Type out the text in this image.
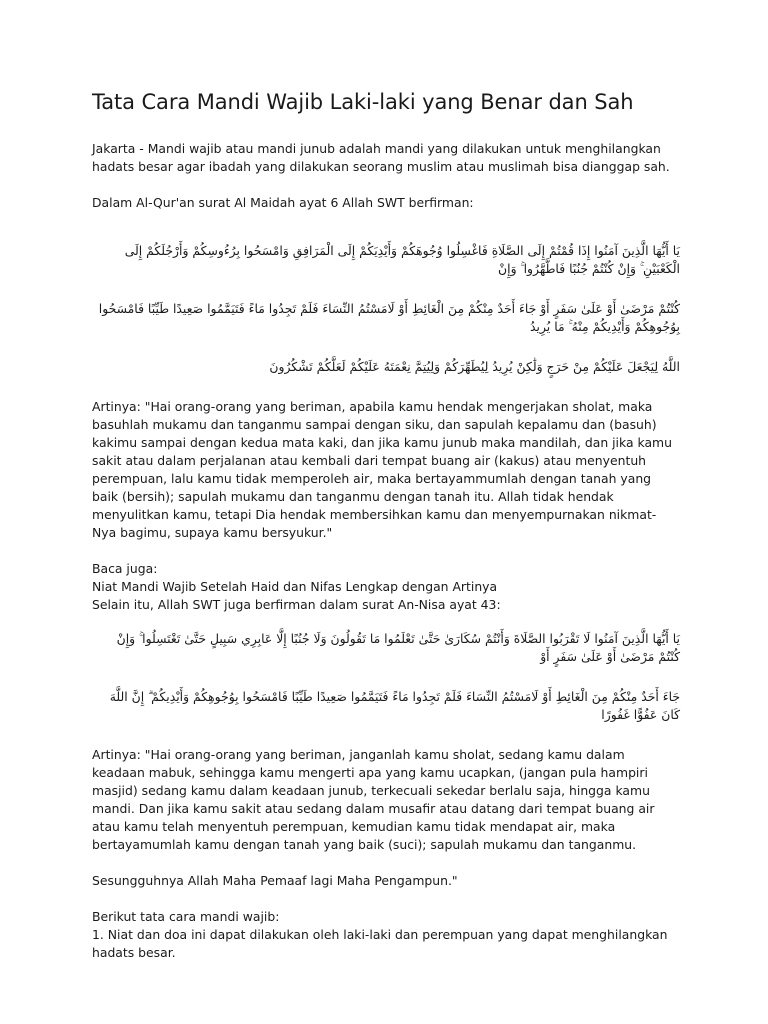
Tata Cara Mandi Wajib Laki-laki yang Benar dan Sah

Jakarta - Mandi wajib atau mandi junub adalah mandi yang dilakukan untuk menghilangkan hadats besar agar ibadah yang dilakukan seorang muslim atau muslimah bisa dianggap sah.

Dalam Al-Qur'an surat Al Maidah ayat 6 Allah SWT berfirman:

يَا أَيُّهَا الَّذِينَ آمَنُوا إِذَا قُمْتُمْ إِلَى الصَّلَاةِ فَاغْسِلُوا وُجُوهَكُمْ وَأَيْدِيَكُمْ إِلَى الْمَرَافِقِ وَامْسَحُوا بِرُءُوسِكُمْ وَأَرْجُلَكُمْ إِلَى الْكَعْبَيْنِ ۚ وَإِنْ كُنْتُمْ جُنُبًا فَاطَّهَّرُوا ۚ وَإِنْ

كُنْتُمْ مَرْضَىٰ أَوْ عَلَىٰ سَفَرٍ أَوْ جَاءَ أَحَدٌ مِنْكُمْ مِنَ الْغَائِطِ أَوْ لَامَسْتُمُ النِّسَاءَ فَلَمْ تَجِدُوا مَاءً فَتَيَمَّمُوا صَعِيدًا طَيِّبًا فَامْسَحُوا بِوُجُوهِكُمْ وَأَيْدِيكُمْ مِنْهُ ۚ مَا يُرِيدُ

اللَّهُ لِيَجْعَلَ عَلَيْكُمْ مِنْ حَرَجٍ وَلَٰكِنْ يُرِيدُ لِيُطَهِّرَكُمْ وَلِيُتِمَّ نِعْمَتَهُ عَلَيْكُمْ لَعَلَّكُمْ تَشْكُرُونَ

Artinya: "Hai orang-orang yang beriman, apabila kamu hendak mengerjakan sholat, maka basuhlah mukamu dan tanganmu sampai dengan siku, dan sapulah kepalamu dan (basuh) kakimu sampai dengan kedua mata kaki, dan jika kamu junub maka mandilah, dan jika kamu sakit atau dalam perjalanan atau kembali dari tempat buang air (kakus) atau menyentuh perempuan, lalu kamu tidak memperoleh air, maka bertayammumlah dengan tanah yang baik (bersih); sapulah mukamu dan tanganmu dengan tanah itu. Allah tidak hendak menyulitkan kamu, tetapi Dia hendak membersihkan kamu dan menyempurnakan nikmat-Nya bagimu, supaya kamu bersyukur."

Baca juga:

Niat Mandi Wajib Setelah Haid dan Nifas Lengkap dengan Artinya

Selain itu, Allah SWT juga berfirman dalam surat An-Nisa ayat 43:

يَا أَيُّهَا الَّذِينَ آمَنُوا لَا تَقْرَبُوا الصَّلَاةَ وَأَنْتُمْ سُكَارَىٰ حَتَّىٰ تَعْلَمُوا مَا تَقُولُونَ وَلَا جُنُبًا إِلَّا عَابِرِي سَبِيلٍ حَتَّىٰ تَغْتَسِلُوا ۚ وَإِنْ كُنْتُمْ مَرْضَىٰ أَوْ عَلَىٰ سَفَرٍ أَوْ

جَاءَ أَحَدٌ مِنْكُمْ مِنَ الْغَائِطِ أَوْ لَامَسْتُمُ النِّسَاءَ فَلَمْ تَجِدُوا مَاءً فَتَيَمَّمُوا صَعِيدًا طَيِّبًا فَامْسَحُوا بِوُجُوهِكُمْ وَأَيْدِيكُمْ ۗ إِنَّ اللَّهَ كَانَ عَفُوًّا غَفُورًا

Artinya: "Hai orang-orang yang beriman, janganlah kamu sholat, sedang kamu dalam keadaan mabuk, sehingga kamu mengerti apa yang kamu ucapkan, (jangan pula hampiri masjid) sedang kamu dalam keadaan junub, terkecuali sekedar berlalu saja, hingga kamu mandi. Dan jika kamu sakit atau sedang dalam musafir atau datang dari tempat buang air atau kamu telah menyentuh perempuan, kemudian kamu tidak mendapat air, maka bertayamumlah kamu dengan tanah yang baik (suci); sapulah mukamu dan tanganmu.

Sesungguhnya Allah Maha Pemaaf lagi Maha Pengampun."

Berikut tata cara mandi wajib:

1. Niat dan doa ini dapat dilakukan oleh laki-laki dan perempuan yang dapat menghilangkan hadats besar.
